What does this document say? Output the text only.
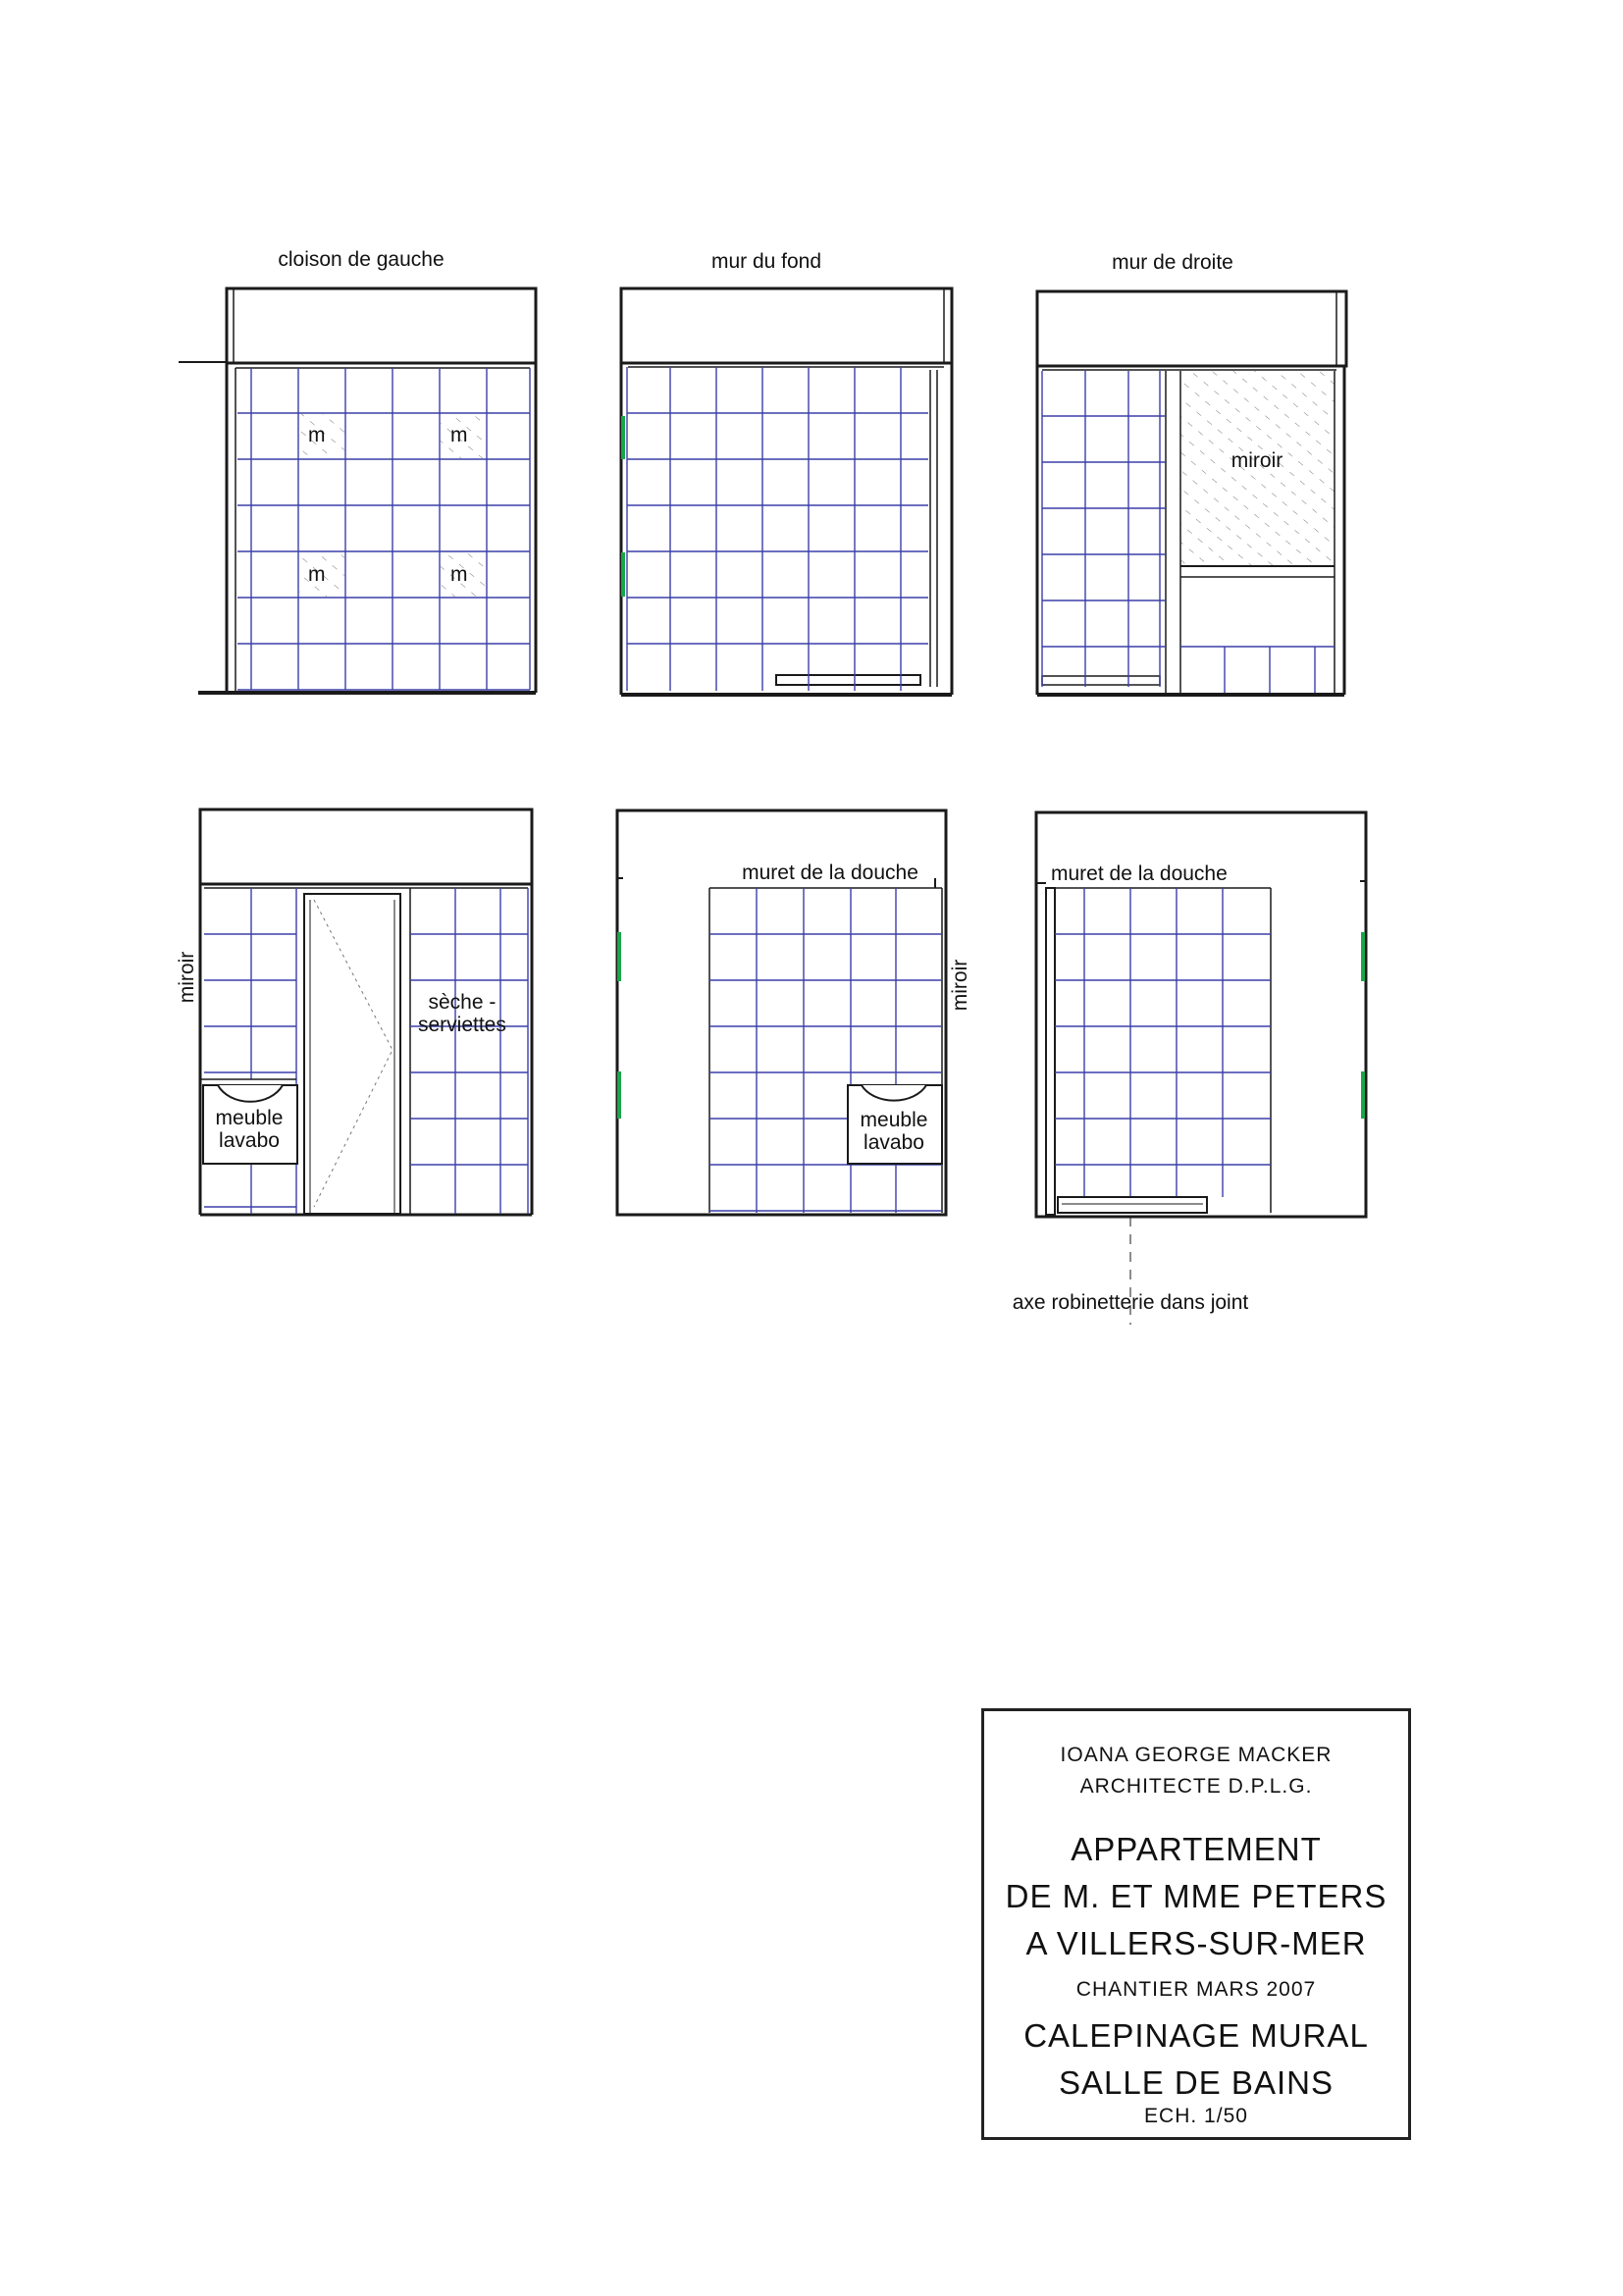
cloison de gauche
m	m
m	m
mur du fond	mur de droite
miroir
miroir	sèche -
serviettes
meuble
lavabo
muret de la douche
miroir
meuble
lavabo
muret de la douche
axe robinetterie dans joint
IOANA GEORGE MACKER
ARCHITECTE D.P.L.G.
APPARTEMENT
DE M. ET MME PETERS
A VILLERS-SUR-MER
CHANTIER MARS 2007
CALEPINAGE MURAL
SALLE DE BAINS
ECH. 1/50
